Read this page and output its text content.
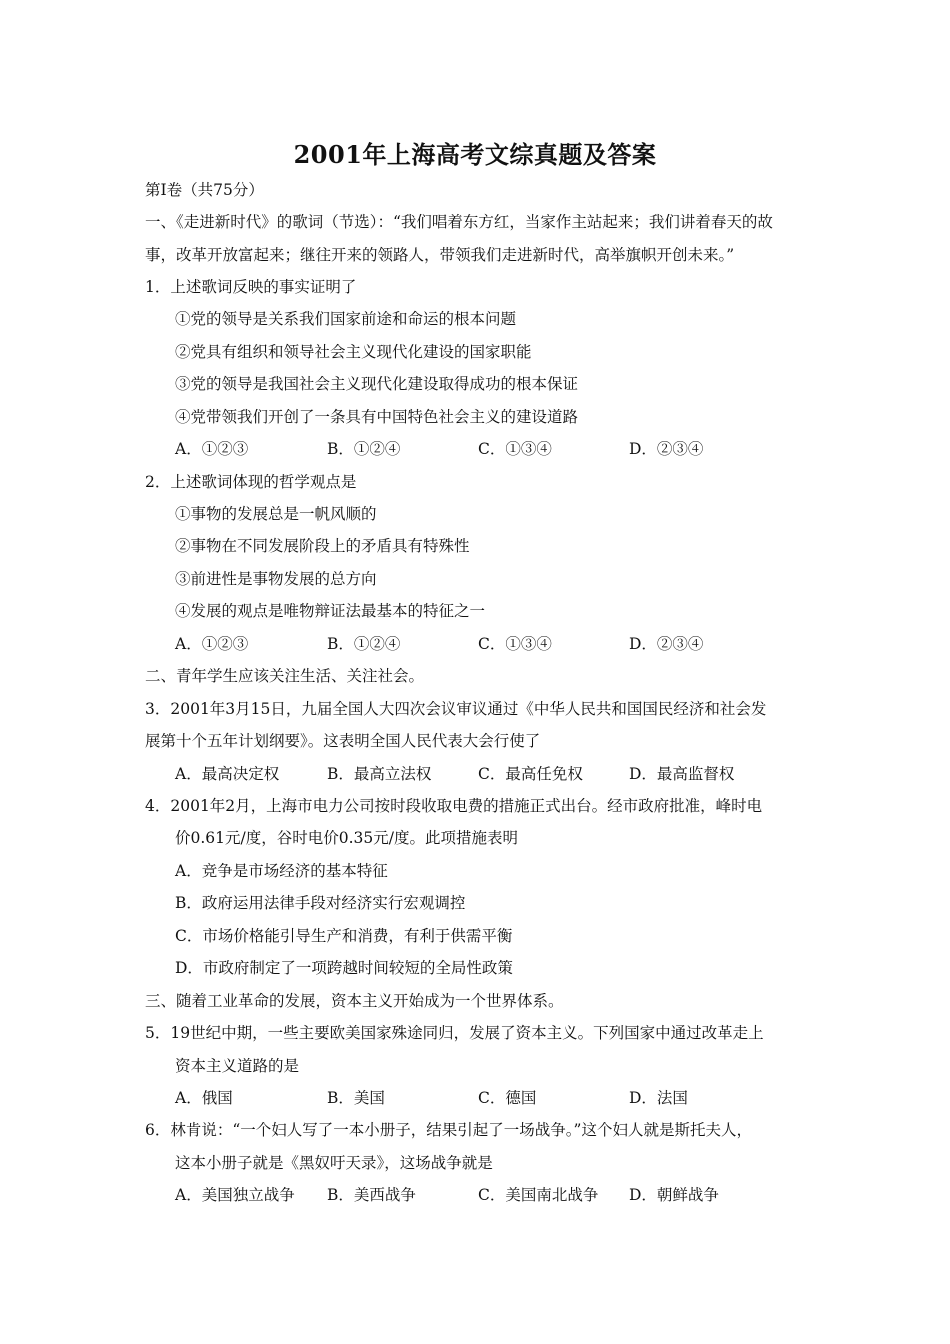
2001年上海高考文综真题及答案
第Ⅰ卷（共75分）
一、《走进新时代》的歌词（节选）：“我们唱着东方红，当家作主站起来；我们讲着春天的故
事，改革开放富起来；继往开来的领路人，带领我们走进新时代，高举旗帜开创未来。”
1．上述歌词反映的事实证明了
①党的领导是关系我们国家前途和命运的根本问题
②党具有组织和领导社会主义现代化建设的国家职能
③党的领导是我国社会主义现代化建设取得成功的根本保证
④党带领我们开创了一条具有中国特色社会主义的建设道路
A．①②③	B．①②④	C．①③④	D．②③④
2．上述歌词体现的哲学观点是
①事物的发展总是一帆风顺的
②事物在不同发展阶段上的矛盾具有特殊性
③前进性是事物发展的总方向
④发展的观点是唯物辩证法最基本的特征之一
A．①②③	B．①②④	C．①③④	D．②③④
二、青年学生应该关注生活、关注社会。
3．2001年3月15日，九届全国人大四次会议审议通过《中华人民共和国国民经济和社会发
展第十个五年计划纲要》。这表明全国人民代表大会行使了
A．最高决定权	B．最高立法权	C．最高任免权	D．最高监督权
4．2001年2月，上海市电力公司按时段收取电费的措施正式出台。经市政府批准，峰时电
价0.61元/度，谷时电价0.35元/度。此项措施表明
A．竞争是市场经济的基本特征
B．政府运用法律手段对经济实行宏观调控
C．市场价格能引导生产和消费，有利于供需平衡
D．市政府制定了一项跨越时间较短的全局性政策
三、随着工业革命的发展，资本主义开始成为一个世界体系。
5．19世纪中期，一些主要欧美国家殊途同归，发展了资本主义。下列国家中通过改革走上
资本主义道路的是
A．俄国	B．美国	C．德国	D．法国
6．林肯说：“一个妇人写了一本小册子，结果引起了一场战争。”这个妇人就是斯托夫人，
这本小册子就是《黑奴吁天录》，这场战争就是
A．美国独立战争 B．美西战争	C．美国南北战争 D．朝鲜战争
